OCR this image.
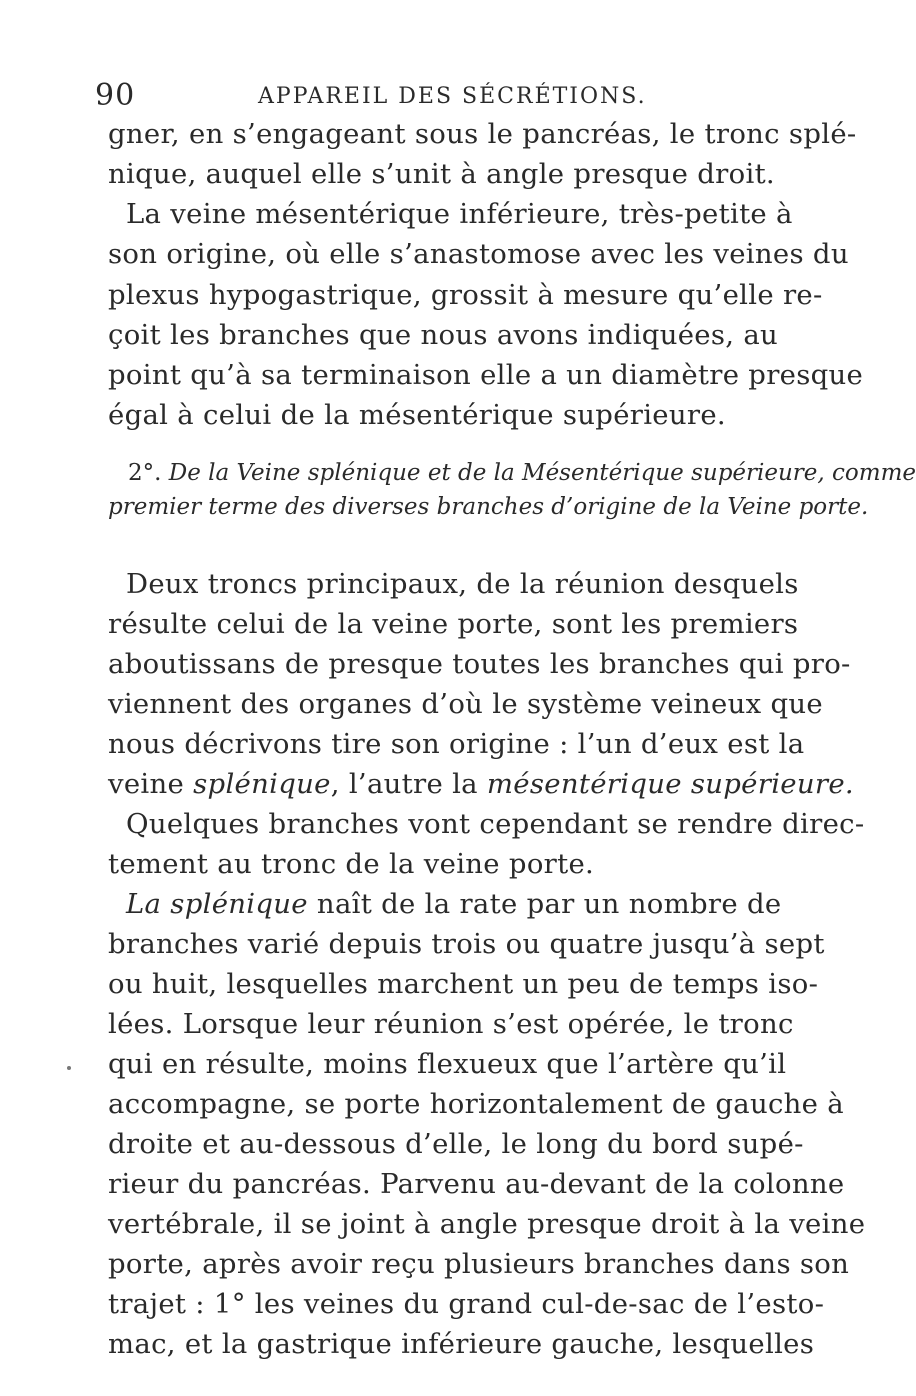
90	APPAREIL DES SÉCRÉTIONS.
gner, en s’engageant sous le pancréas, le tronc splé-
nique, auquel elle s’unit à angle presque droit.
La veine mésentérique inférieure, très-petite à
son origine, où elle s’anastomose avec les veines du
plexus hypogastrique, grossit à mesure qu’elle re-
çoit les branches que nous avons indiquées, au
point qu’à sa terminaison elle a un diamètre presque
égal à celui de la mésentérique supérieure.
2°. De la Veine splénique et de la Mésentérique supérieure, comme
premier terme des diverses branches d’origine de la Veine porte.
Deux troncs principaux, de la réunion desquels
résulte celui de la veine porte, sont les premiers
aboutissans de presque toutes les branches qui pro-
viennent des organes d’où le système veineux que
nous décrivons tire son origine : l’un d’eux est la
veine splénique, l’autre la mésentérique supérieure.
Quelques branches vont cependant se rendre direc-
tement au tronc de la veine porte.
La splénique naît de la rate par un nombre de
branches varié depuis trois ou quatre jusqu’à sept
ou huit, lesquelles marchent un peu de temps iso-
lées. Lorsque leur réunion s’est opérée, le tronc
qui en résulte, moins flexueux que l’artère qu’il
accompagne, se porte horizontalement de gauche à
droite et au-dessous d’elle, le long du bord supé-
rieur du pancréas. Parvenu au-devant de la colonne
vertébrale, il se joint à angle presque droit à la veine
porte, après avoir reçu plusieurs branches dans son
trajet : 1° les veines du grand cul-de-sac de l’esto-
mac, et la gastrique inférieure gauche, lesquelles
